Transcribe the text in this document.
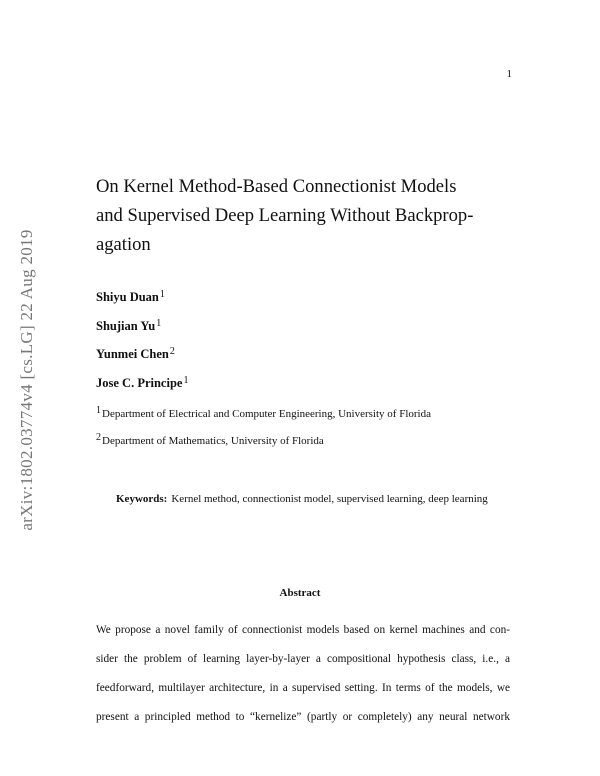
1
arXiv:1802.03774v4 [cs.LG] 22 Aug 2019
On Kernel Method-Based Connectionist Models
and Supervised Deep Learning Without Backprop-
agation
Shiyu Duan$^1$
Shujian Yu$^1$
Yunmei Chen$^2$
Jose C. Principe$^1$
$^1$Department of Electrical and Computer Engineering, University of Florida
$^2$Department of Mathematics, University of Florida
Keywords: Kernel method, connectionist model, supervised learning, deep learning
Abstract
We propose a novel family of connectionist models based on kernel machines and con-
sider the problem of learning layer-by-layer a compositional hypothesis class, i.e., a
feedforward, multilayer architecture, in a supervised setting. In terms of the models, we
present a principled method to “kernelize” (partly or completely) any neural network
